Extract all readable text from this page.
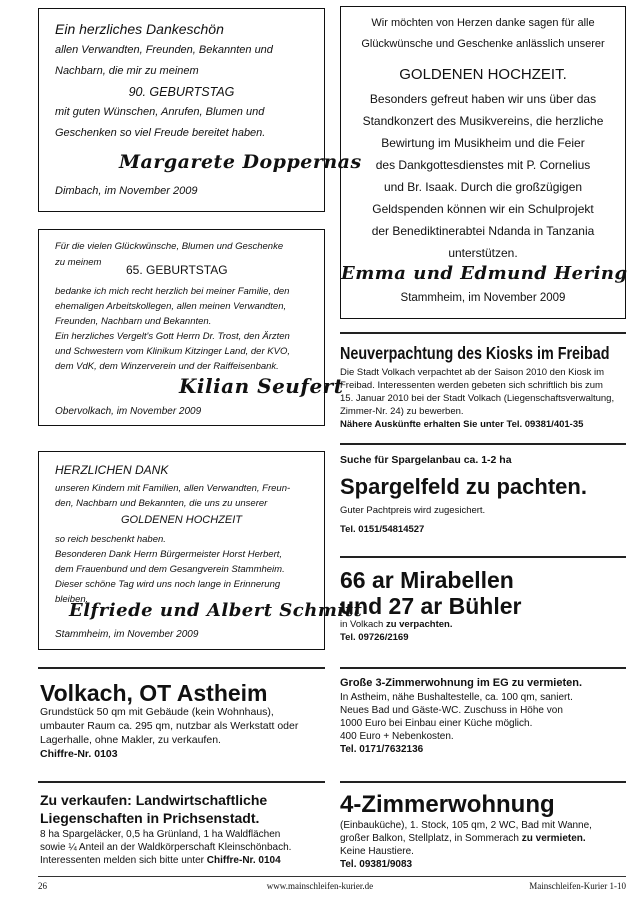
Ein herzliches Dankeschön
allen Verwandten, Freunden, Bekannten und
Nachbarn, die mir zu meinem
90. GEBURTSTAG
mit guten Wünschen, Anrufen, Blumen und
Geschenken so viel Freude bereitet haben.
Margarete Doppernas
Dimbach, im November 2009
Wir möchten von Herzen danke sagen für alle
Glückwünsche und Geschenke anlässlich unserer
GOLDENEN HOCHZEIT.
Besonders gefreut haben wir uns über das
Standkonzert des Musikvereins, die herzliche
Bewirtung im Musikheim und die Feier
des Dankgottesdienstes mit P. Cornelius
und Br. Isaak. Durch die großzügigen
Geldspenden können wir ein Schulprojekt
der Benediktinerabtei Ndanda in Tanzania
unterstützen.
Emma und Edmund Hering
Stammheim, im November 2009
Für die vielen Glückwünsche, Blumen und Geschenke
zu meinem
65. GEBURTSTAG
bedanke ich mich recht herzlich bei meiner Familie, den
ehemaligen Arbeitskollegen, allen meinen Verwandten,
Freunden, Nachbarn und Bekannten.
Ein herzliches Vergelt's Gott Herrn Dr. Trost, den Ärzten
und Schwestern vom Klinikum Kitzinger Land, der KVO,
dem VdK, dem Winzerverein und der Raiffeisenbank.
Kilian Seufert
Obervolkach, im November 2009
Neuverpachtung des Kiosks im Freibad
Die Stadt Volkach verpachtet ab der Saison 2010 den Kiosk im
Freibad. Interessenten werden gebeten sich schriftlich bis zum
15. Januar 2010 bei der Stadt Volkach (Liegenschaftsverwaltung,
Zimmer-Nr. 24) zu bewerben.
Nähere Auskünfte erhalten Sie unter Tel. 09381/401-35
HERZLICHEN DANK
unseren Kindern mit Familien, allen Verwandten, Freun-
den, Nachbarn und Bekannten, die uns zu unserer
GOLDENEN HOCHZEIT
so reich beschenkt haben.
Besonderen Dank Herrn Bürgermeister Horst Herbert,
dem Frauenbund und dem Gesangverein Stammheim.
Dieser schöne Tag wird uns noch lange in Erinnerung
bleiben.
Elfriede und Albert Schmitt
Stammheim, im November 2009
Suche für Spargelanbau ca. 1-2 ha
Spargelfeld zu pachten.
Guter Pachtpreis wird zugesichert.
Tel. 0151/54814527
66 ar Mirabellen
und 27 ar Bühler
in Volkach zu verpachten.
Tel. 09726/2169
Volkach, OT Astheim
Grundstück 50 qm mit Gebäude (kein Wohnhaus),
umbauter Raum ca. 295 qm, nutzbar als Werkstatt oder
Lagerhalle, ohne Makler, zu verkaufen.
Chiffre-Nr. 0103
Große 3-Zimmerwohnung im EG zu vermieten.
In Astheim, nähe Bushaltestelle, ca. 100 qm, saniert.
Neues Bad und Gäste-WC. Zuschuss in Höhe von
1000 Euro bei Einbau einer Küche möglich.
400 Euro + Nebenkosten.
Tel. 0171/7632136
Zu verkaufen: Landwirtschaftliche
Liegenschaften in Prichsenstadt.
8 ha Spargeläcker, 0,5 ha Grünland, 1 ha Waldflächen
sowie ¼ Anteil an der Waldkörperschaft Kleinschönbach.
Interessenten melden sich bitte unter Chiffre-Nr. 0104
4-Zimmerwohnung
(Einbauküche), 1. Stock, 105 qm, 2 WC, Bad mit Wanne,
großer Balkon, Stellplatz, in Sommerach zu vermieten.
Keine Haustiere.
Tel. 09381/9083
26	www.mainschleifen-kurier.de	Mainschleifen-Kurier 1-10
